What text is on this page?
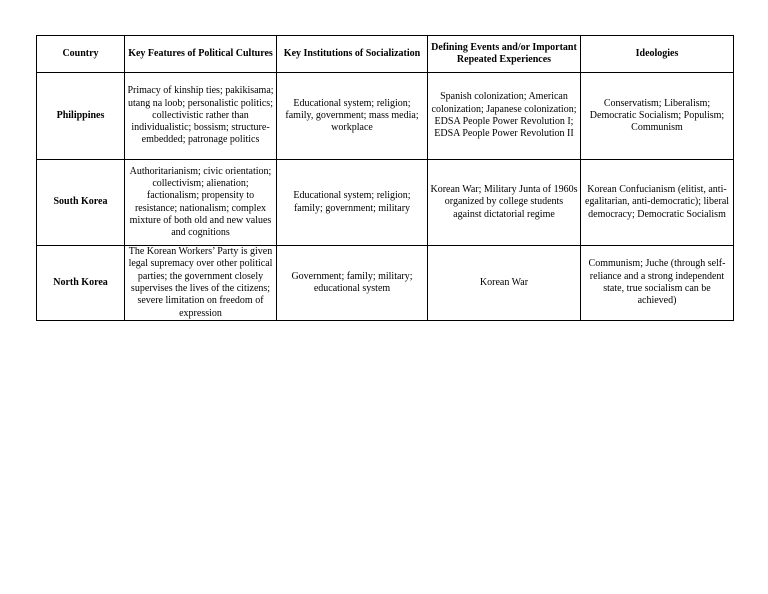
Country	Key Features of Political Cultures	Key Institutions of Socialization	Defining Events and/or Important Repeated Experiences	Ideologies
Philippines	Primacy of kinship ties; pakikisama; utang na loob; personalistic politics; collectivistic rather than individualistic; bossism; structure-embedded; patronage politics	Educational system; religion; family, government; mass media; workplace	Spanish colonization; American colonization; Japanese colonization; EDSA People Power Revolution I; EDSA People Power Revolution II	Conservatism; Liberalism; Democratic Socialism; Populism; Communism
South Korea	Authoritarianism; civic orientation; collectivism; alienation; factionalism; propensity to resistance; nationalism; complex mixture of both old and new values and cognitions	Educational system; religion; family; government; military	Korean War; Military Junta of 1960s organized by college students against dictatorial regime	Korean Confucianism (elitist, anti-egalitarian, anti-democratic); liberal democracy; Democratic Socialism
North Korea	The Korean Workers’ Party is given legal supremacy over other political parties; the government closely supervises the lives of the citizens; severe limitation on freedom of expression	Government; family; military; educational system	Korean War	Communism; Juche (through self-reliance and a strong independent state, true socialism can be achieved)
